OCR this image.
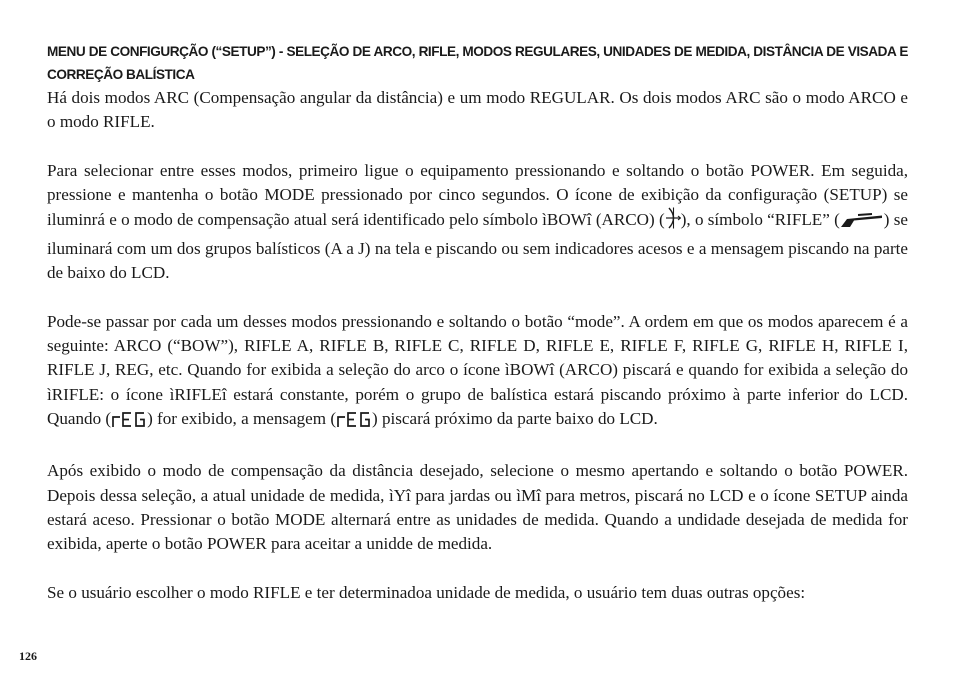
MENU DE CONFIGURÇÃO (“SETUP”) - SELEÇÃO DE ARCO, RIFLE, MODOS REGULARES, UNIDADES DE MEDIDA, DISTÂNCIA DE VISADA E CORREÇÃO BALÍSTICA

Há dois modos ARC (Compensação angular da distância) e um modo REGULAR. Os dois modos ARC são o modo ARCO e o modo RIFLE.

Para selecionar entre esses modos, primeiro ligue o equipamento pressionando e soltando o botão POWER. Em seguida, pressione e mantenha o botão MODE pressionado por cinco segundos. O ícone de exibição da configuração (SETUP) se iluminrá e o modo de compensação atual será identificado pelo símbolo ìBOWî (ARCO) ( ), o símbolo “RIFLE” (	) se iluminará com um dos grupos balísticos (A a J) na tela e piscando ou sem indicadores acesos e a mensagem piscando na parte de baixo do LCD.

Pode-se passar por cada um desses modos pressionando e soltando o botão “mode”. A ordem em que os modos aparecem é a seguinte: ARCO (“BOW”), RIFLE A, RIFLE B, RIFLE C, RIFLE D, RIFLE E, RIFLE F, RIFLE G, RIFLE H, RIFLE I, RIFLE J, REG, etc. Quando for exibida a seleção do arco o ícone ìBOWî (ARCO) piscará e quando for exibida a seleção do ìRIFLE: o ícone ìRIFLEî estará constante, porém o grupo de balística estará piscando próximo à parte inferior do LCD. Quando ( ) for exibido, a mensagem ( ) piscará próximo da parte baixo do LCD.

Após exibido o modo de compensação da distância desejado, selecione o mesmo apertando e soltando o botão POWER. Depois dessa seleção, a atual unidade de medida, ìYî para jardas ou ìMî para metros, piscará no LCD e o ícone SETUP ainda estará aceso. Pressionar o botão MODE alternará entre as unidades de medida. Quando a undidade desejada de medida for exibida, aperte o botão POWER para aceitar a unidde de medida.

Se o usuário escolher o modo RIFLE e ter determinadoa unidade de medida, o usuário tem duas outras opções:

126
